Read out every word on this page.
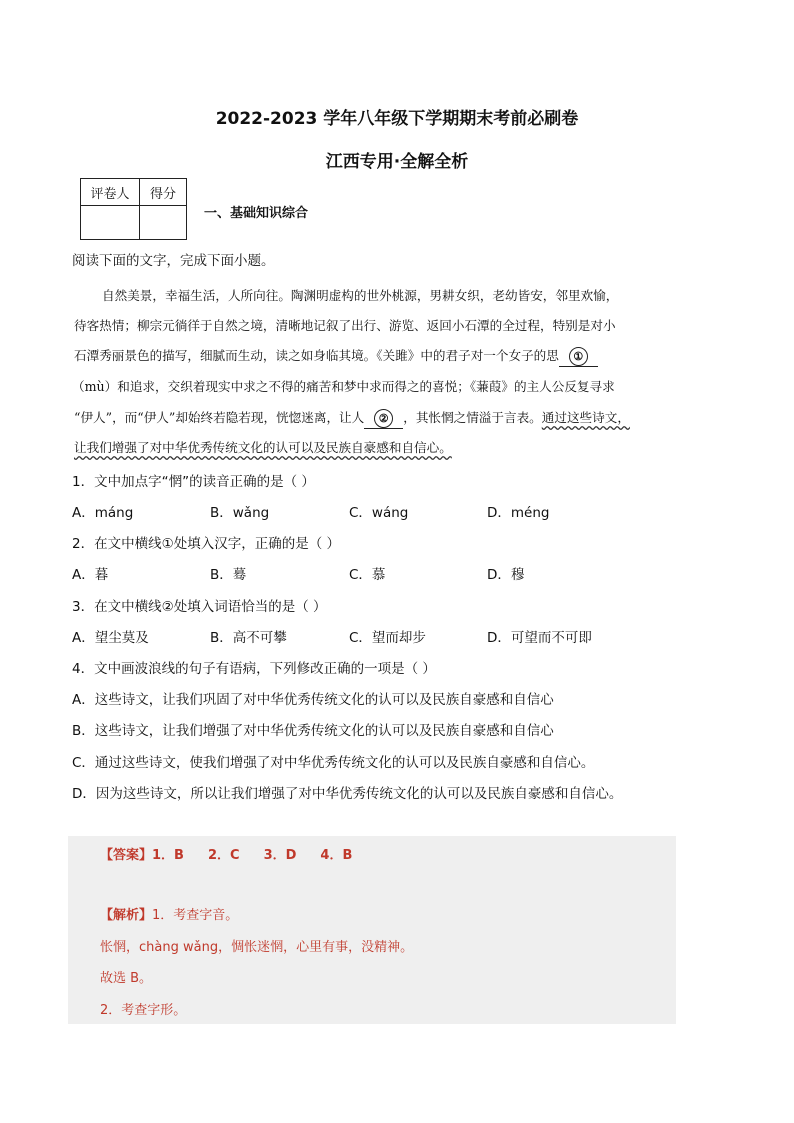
2022-2023 学年八年级下学期期末考前必刷卷
江西专用·全解全析
评卷人	得分

一、基础知识综合
阅读下面的文字，完成下面小题。
自然美景，幸福生活，人所向往。陶渊明虚构的世外桃源，男耕女织，老幼皆安，邻里欢愉，
待客热情；柳宗元徜徉于自然之境，清晰地记叙了出行、游览、返回小石潭的全过程，特别是对小
石潭秀丽景色的描写，细腻而生动，读之如身临其境。《关雎》中的君子对一个女子的思 ①
（mù）和追求，交织着现实中求之不得的痛苦和梦中求而得之的喜悦；《蒹葭》的主人公反复寻求
“伊人”，而“伊人”却始终若隐若现，恍惚迷离，让人 ② ，其怅惘之情溢于言表。通过这些诗文，
让我们增强了对中华优秀传统文化的认可以及民族自豪感和自信心。
1．文中加点字“惘”的读音正确的是（ ）
A．máng	B．wǎng	C．wáng	D．méng
2．在文中横线①处填入汉字，正确的是（ ）
A．暮	B．蓦	C．慕	D．穆
3．在文中横线②处填入词语恰当的是（ ）
A．望尘莫及	B．高不可攀	C．望而却步	D．可望而不可即
4．文中画波浪线的句子有语病，下列修改正确的一项是（ ）
A．这些诗文，让我们巩固了对中华优秀传统文化的认可以及民族自豪感和自信心
B．这些诗文，让我们增强了对中华优秀传统文化的认可以及民族自豪感和自信心
C．通过这些诗文，使我们增强了对中华优秀传统文化的认可以及民族自豪感和自信心。
D．因为这些诗文，所以让我们增强了对中华优秀传统文化的认可以及民族自豪感和自信心。
【答案】1．B 2．C 3．D 4．B
【解析】1．考查字音。
怅惘，chàng wǎng，惆怅迷惘，心里有事，没精神。
故选 B。
2．考查字形。
